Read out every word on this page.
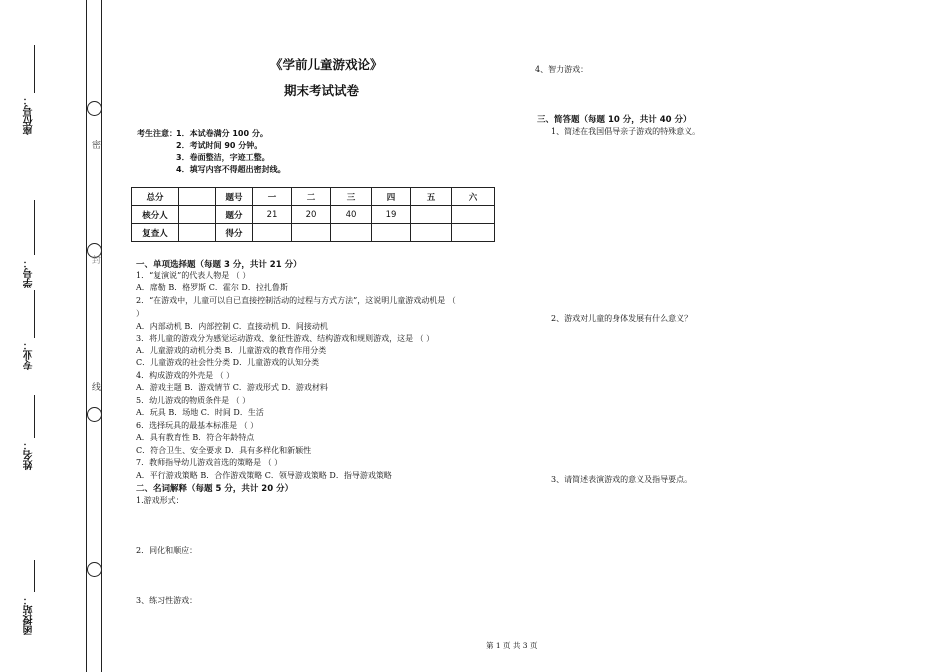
座位号：
学号：
专业：
姓名：
函授站：
密
封
线
《学前儿童游戏论》
期末考试试卷
考生注意： 1．本试卷满分 100 分。
2．考试时间 90 分钟。
3．卷面整洁，字迹工整。
4．填写内容不得超出密封线。
总分		题号	一	二	三	四	五	六
核分人		题分	21	20	40	19		
复查人		得分						
一、单项选择题（每题 3 分，共计 21 分）
1．“复演说”的代表人物是 （ ）
A．席勒 B．格罗斯 C．霍尔 D．拉扎鲁斯
2．“在游戏中，儿童可以自已直接控制活动的过程与方式方法”，这说明儿童游戏动机是 （
）
A．内部动机 B．内部控制 C．直接动机 D．间接动机
3．将儿童的游戏分为感觉运动游戏、象征性游戏、结构游戏和规则游戏，这是 （ ）
A．儿童游戏的动机分类 B．儿童游戏的教育作用分类
C．儿童游戏的社会性分类 D．儿童游戏的认知分类
4．构成游戏的外壳是 （ ）
A．游戏主题 B．游戏情节 C．游戏形式 D．游戏材料
5．幼儿游戏的物质条件是 （ ）
A．玩具 B．场地 C．时间 D．生活
6．选择玩具的最基本标准是 （ ）
A．具有教育性 B．符合年龄特点
C．符合卫生、安全要求 D．具有多样化和新颖性
7．教师指导幼儿游戏首选的策略是 （ ）
A．平行游戏策略 B．合作游戏策略 C．领导游戏策略 D．指导游戏策略
二、名词解释（每题 5 分，共计 20 分）
1.游戏形式：
2．同化和顺应：
3、练习性游戏：
4、智力游戏：
三、简答题（每题 10 分，共计 40 分）
1、简述在我国倡导亲子游戏的特殊意义。
2、游戏对儿童的身体发展有什么意义？
3、请简述表演游戏的意义及指导要点。
第 1 页 共 3 页
